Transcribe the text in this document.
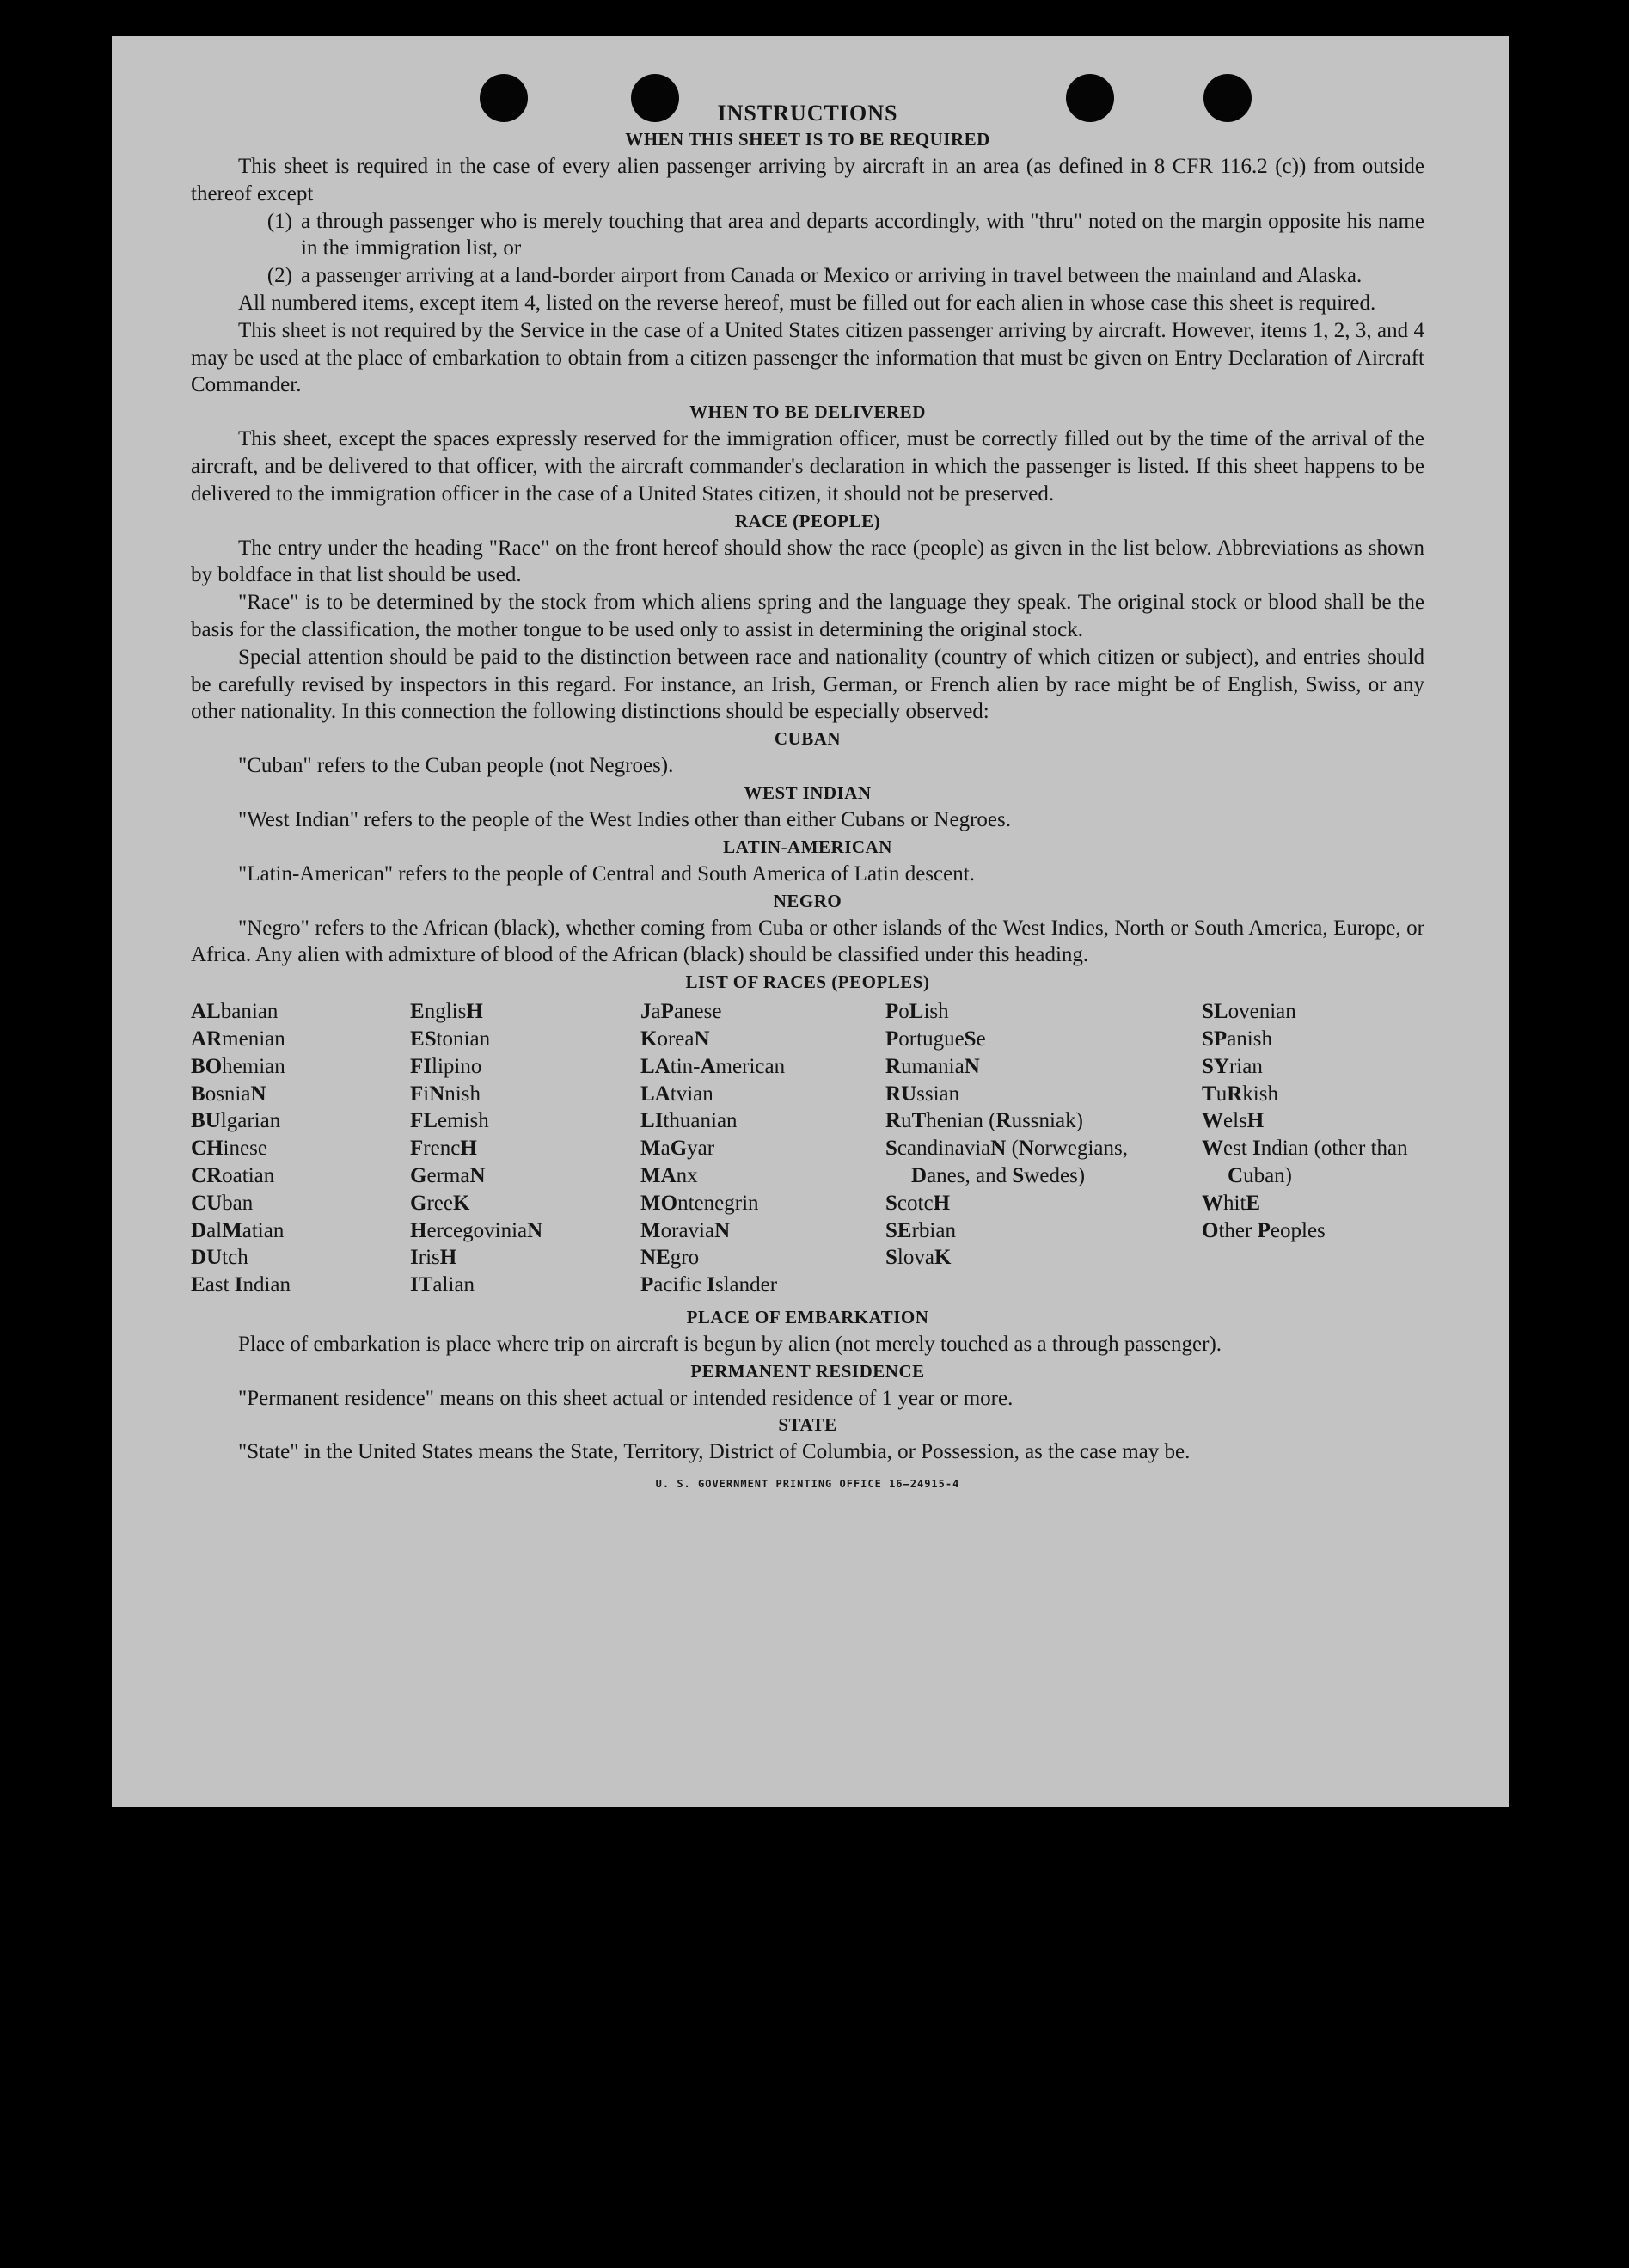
INSTRUCTIONS
WHEN THIS SHEET IS TO BE REQUIRED

This sheet is required in the case of every alien passenger arriving by aircraft in an area (as defined in 8 CFR 116.2 (c)) from outside thereof except

(1) a through passenger who is merely touching that area and departs accordingly, with "thru" noted on the margin opposite his name in the immigration list, or
(2) a passenger arriving at a land-border airport from Canada or Mexico or arriving in travel between the mainland and Alaska.

All numbered items, except item 4, listed on the reverse hereof, must be filled out for each alien in whose case this sheet is required.

This sheet is not required by the Service in the case of a United States citizen passenger arriving by aircraft. However, items 1, 2, 3, and 4 may be used at the place of embarkation to obtain from a citizen passenger the information that must be given on Entry Declaration of Aircraft Commander.

WHEN TO BE DELIVERED

This sheet, except the spaces expressly reserved for the immigration officer, must be correctly filled out by the time of the arrival of the aircraft, and be delivered to that officer, with the aircraft commander's declaration in which the passenger is listed. If this sheet happens to be delivered to the immigration officer in the case of a United States citizen, it should not be preserved.

RACE (PEOPLE)

The entry under the heading "Race" on the front hereof should show the race (people) as given in the list below. Abbreviations as shown by boldface in that list should be used.

"Race" is to be determined by the stock from which aliens spring and the language they speak. The original stock or blood shall be the basis for the classification, the mother tongue to be used only to assist in determining the original stock.

Special attention should be paid to the distinction between race and nationality (country of which citizen or subject), and entries should be carefully revised by inspectors in this regard. For instance, an Irish, German, or French alien by race might be of English, Swiss, or any other nationality. In this connection the following distinctions should be especially observed:

CUBAN

"Cuban" refers to the Cuban people (not Negroes).

WEST INDIAN

"West Indian" refers to the people of the West Indies other than either Cubans or Negroes.

LATIN-AMERICAN

"Latin-American" refers to the people of Central and South America of Latin descent.

NEGRO

"Negro" refers to the African (black), whether coming from Cuba or other islands of the West Indies, North or South America, Europe, or Africa. Any alien with admixture of blood of the African (black) should be classified under this heading.

LIST OF RACES (PEOPLES)
ALbanian
ARmenian
BOhemian
BosniaN
BUlgarian
CHinese
CRoatian
CUban
DalMatian
DUtch
East Indian
EnglisH
EStonian
FIlipino
FiNnish
FLemish
FrencH
GermaN
GreeK
HercegoviniaN
IrisH
ITalian
JaPanese
KoreaN
LAtin-American
LAtvian
LIthuanian
MaGyar
MAnx
MOntenegrin
MoraviaN
NEgro
Pacific Islander
PoLish
PortugueSe
RumaniaN
RUssian
RuThenian (Russniak)
ScandinaviaN (Norwegians, Danes, and Swedes)
ScotcH
SErbian
SlovaK
SLovenian
SPanish
SYrian
TuRkish
WelsH
West Indian (other than Cuban)
WhitE
Other Peoples
PLACE OF EMBARKATION

Place of embarkation is place where trip on aircraft is begun by alien (not merely touched as a through passenger).

PERMANENT RESIDENCE

"Permanent residence" means on this sheet actual or intended residence of 1 year or more.

STATE

"State" in the United States means the State, Territory, District of Columbia, or Possession, as the case may be.

U. S. GOVERNMENT PRINTING OFFICE 16—24915-4
